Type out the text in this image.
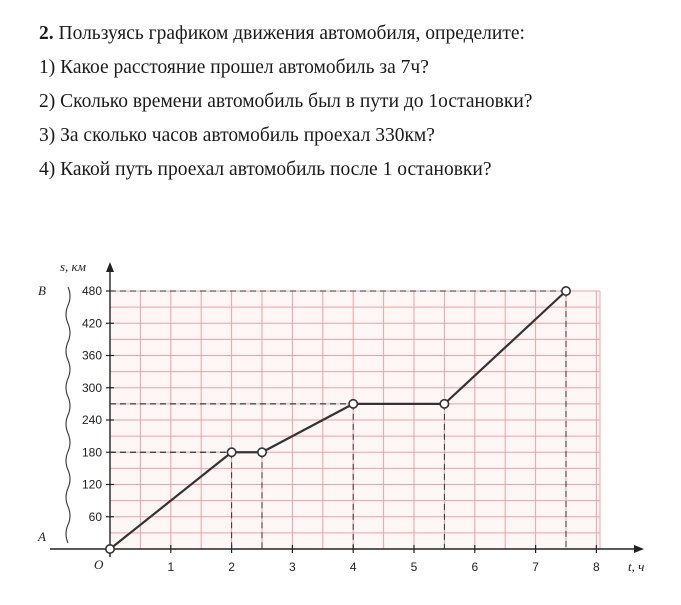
2. Пользуясь графиком движения автомобиля, определите:
1) Какое расстояние прошел автомобиль за 7ч?
2) Сколько времени автомобиль был в пути до 1остановки?
3) За сколько часов автомобиль проехал 330км?
4) Какой путь проехал автомобиль после 1 остановки?
60
120
180
240
300
360
420
480
1	2	3	4	5	6	7	8
s, км
t, ч
O
A
B
